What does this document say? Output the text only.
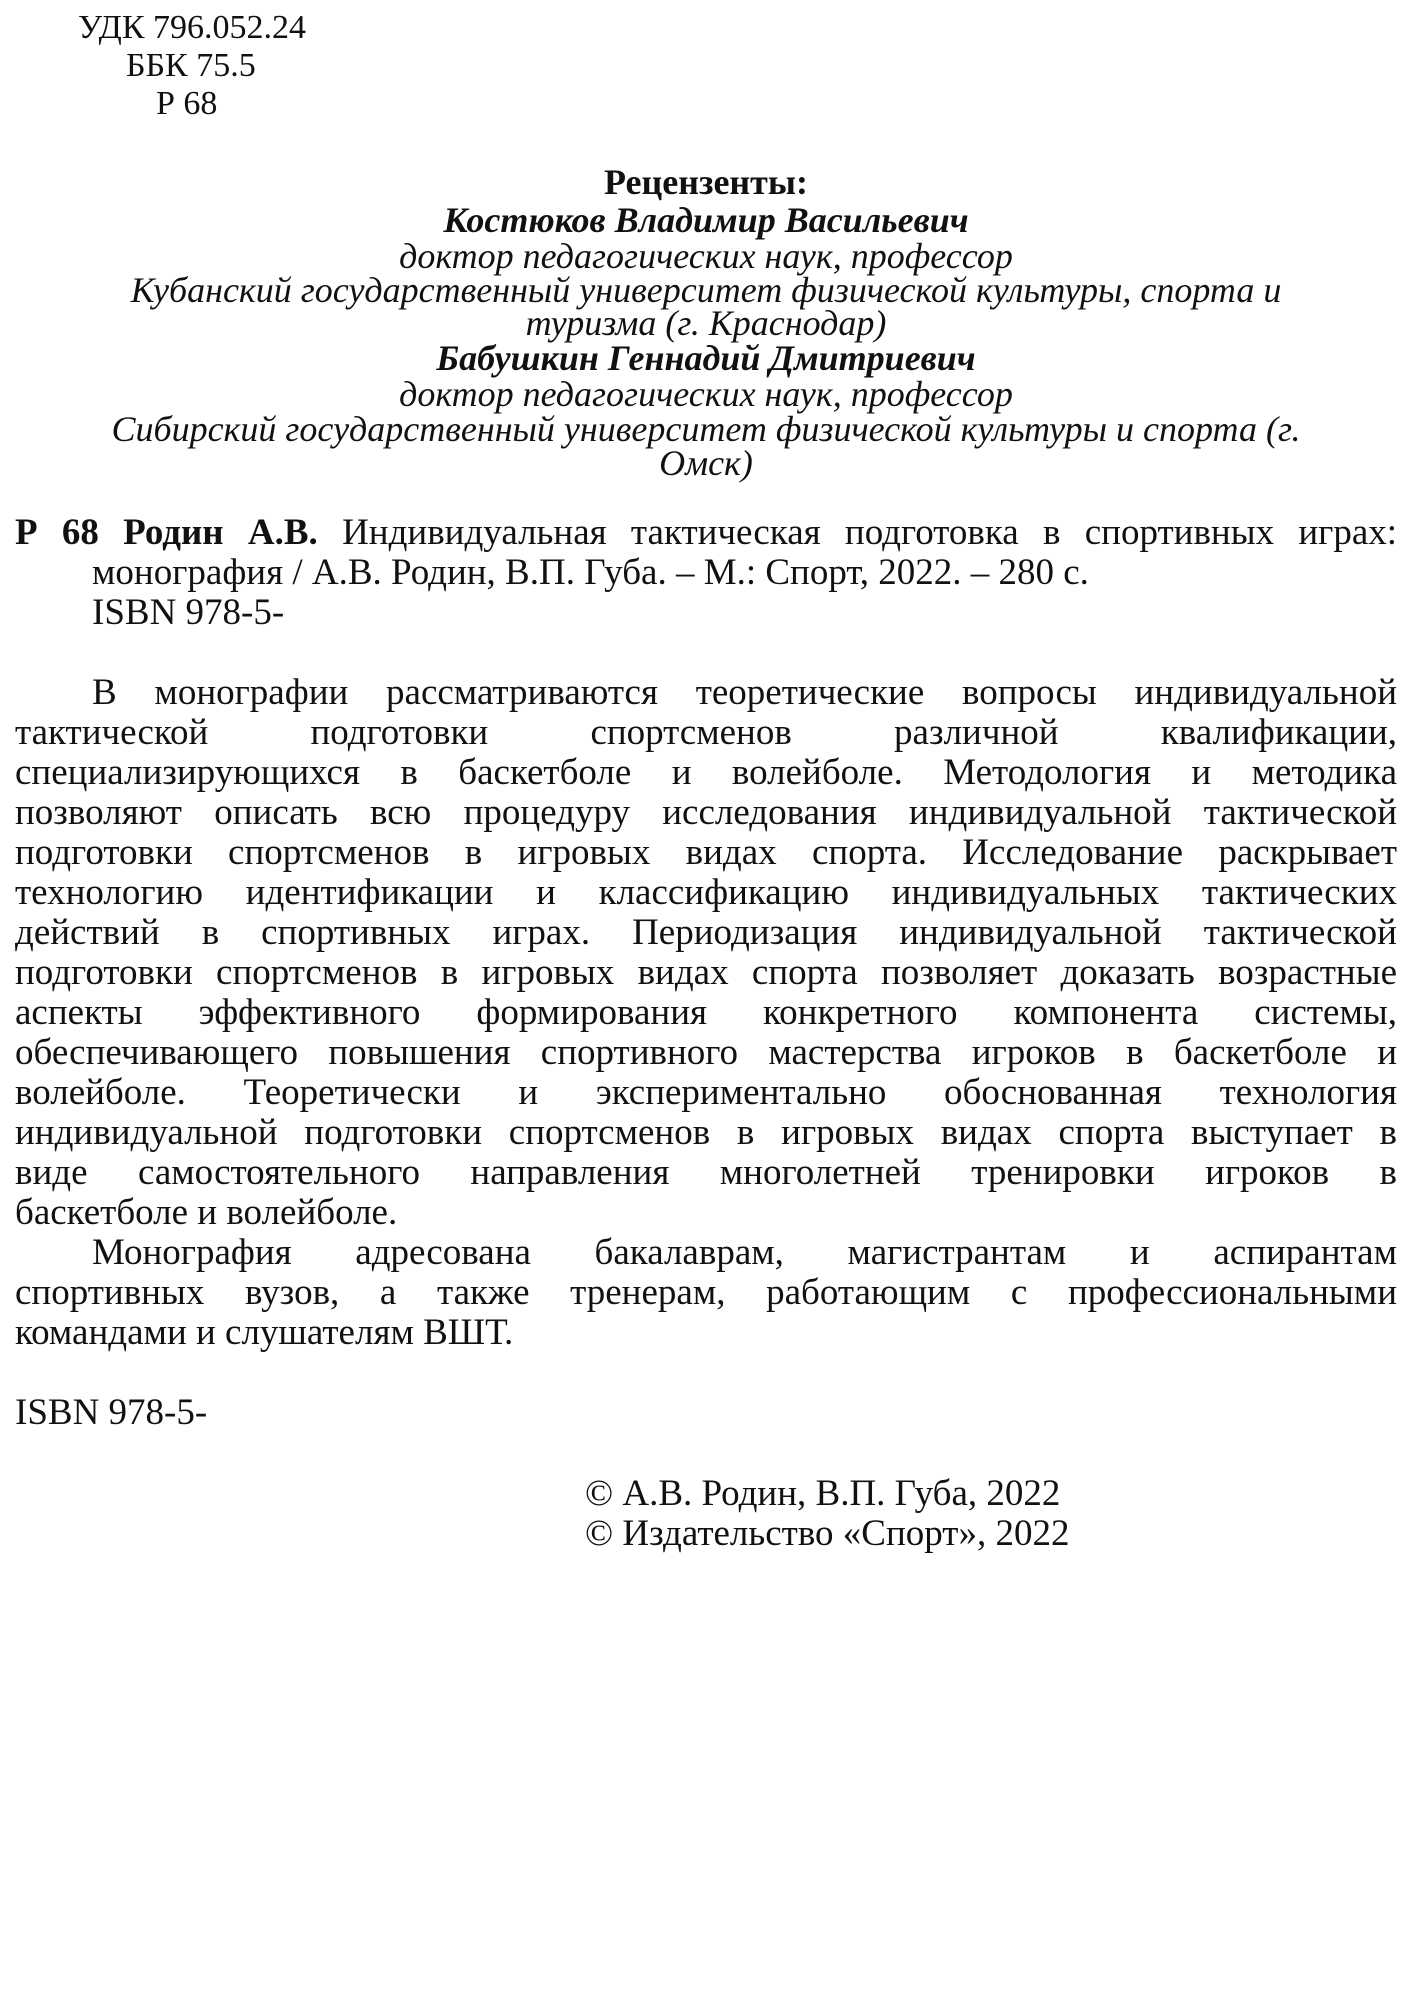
УДК 796.052.24
ББК 75.5
Р 68
Рецензенты:
Костюков Владимир Васильевич
доктор педагогических наук, профессор
Кубанский государственный университет физической культуры, спорта и
туризма (г. Краснодар)
Бабушкин Геннадий Дмитриевич
доктор педагогических наук, профессор
Сибирский государственный университет физической культуры и спорта (г.
Омск)
Р 68 Родин А.В. Индивидуальная тактическая подготовка в спортивных играх:
монография / А.В. Родин, В.П. Губа. – М.: Спорт, 2022. – 280 с.
ISBN 978-5-
В монографии рассматриваются теоретические вопросы индивидуальной
тактической подготовки спортсменов различной квалификации,
специализирующихся в баскетболе и волейболе. Методология и методика
позволяют описать всю процедуру исследования индивидуальной тактической
подготовки спортсменов в игровых видах спорта. Исследование раскрывает
технологию идентификации и классификацию индивидуальных тактических
действий в спортивных играх. Периодизация индивидуальной тактической
подготовки спортсменов в игровых видах спорта позволяет доказать возрастные
аспекты эффективного формирования конкретного компонента системы,
обеспечивающего повышения спортивного мастерства игроков в баскетболе и
волейболе. Теоретически и экспериментально обоснованная технология
индивидуальной подготовки спортсменов в игровых видах спорта выступает в
виде самостоятельного направления многолетней тренировки игроков в
баскетболе и волейболе.
Монография адресована бакалаврам, магистрантам и аспирантам
спортивных вузов, а также тренерам, работающим с профессиональными
командами и слушателям ВШТ.
ISBN 978-5-
© А.В. Родин, В.П. Губа, 2022
© Издательство «Спорт», 2022
